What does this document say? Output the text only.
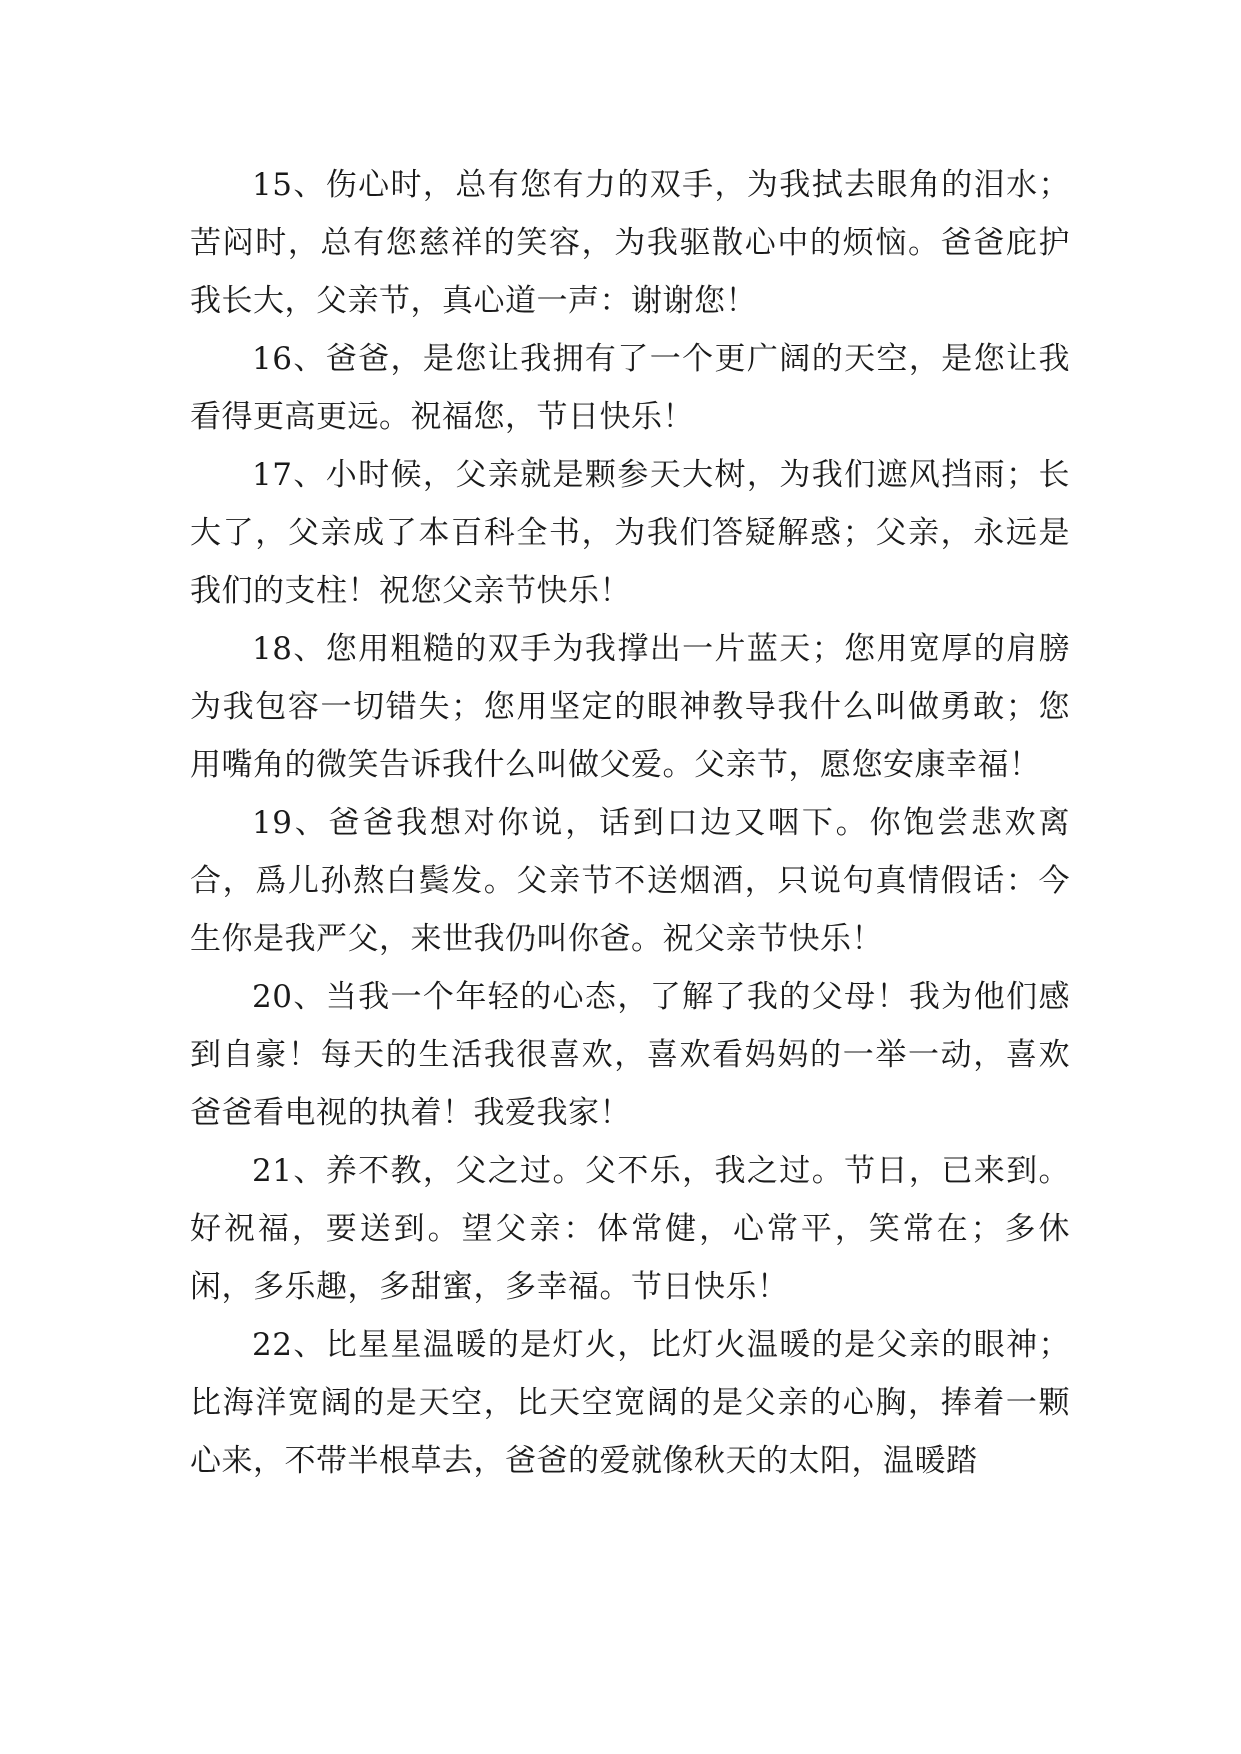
15、伤心时，总有您有力的双手，为我拭去眼角的泪水；苦闷时，总有您慈祥的笑容，为我驱散心中的烦恼。爸爸庇护我长大，父亲节，真心道一声：谢谢您！

16、爸爸，是您让我拥有了一个更广阔的天空，是您让我看得更高更远。祝福您，节日快乐！

17、小时候，父亲就是颗参天大树，为我们遮风挡雨；长大了，父亲成了本百科全书，为我们答疑解惑；父亲，永远是我们的支柱！祝您父亲节快乐！

18、您用粗糙的双手为我撑出一片蓝天；您用宽厚的肩膀为我包容一切错失；您用坚定的眼神教导我什么叫做勇敢；您用嘴角的微笑告诉我什么叫做父爱。父亲节，愿您安康幸福！

19、爸爸我想对你说，话到口边又咽下。你饱尝悲欢离合，爲儿孙熬白鬓发。父亲节不送烟酒，只说句真情假话：今生你是我严父，来世我仍叫你爸。祝父亲节快乐！

20、当我一个年轻的心态，了解了我的父母！我为他们感到自豪！每天的生活我很喜欢，喜欢看妈妈的一举一动，喜欢爸爸看电视的执着！我爱我家！

21、养不教，父之过。父不乐，我之过。节日，已来到。好祝福，要送到。望父亲：体常健，心常平，笑常在；多休闲，多乐趣，多甜蜜，多幸福。节日快乐！

22、比星星温暖的是灯火，比灯火温暖的是父亲的眼神；比海洋宽阔的是天空，比天空宽阔的是父亲的心胸，捧着一颗心来，不带半根草去，爸爸的爱就像秋天的太阳，温暖踏
